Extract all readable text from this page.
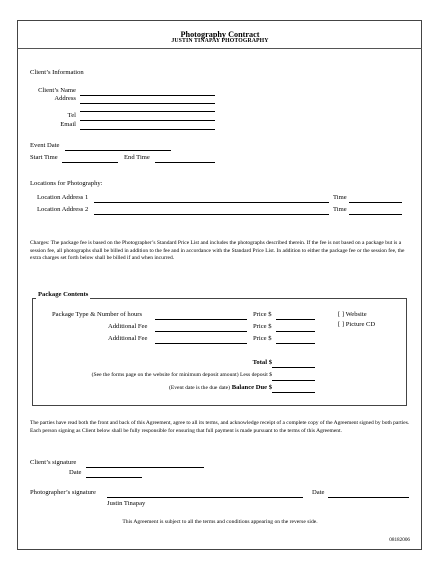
Photography Contract
JUSTIN TINAPAY PHOTOGRAPHY
Client’s Information
Client’s Name
Address
Tel
Email
Event Date
Start Time	End Time
Locations for Photography:
Location Address 1	Time
Location Address 2	Time
Charges: The package fee is based on the Photographer’s Standard Price List and includes the photographs described therein. If the fee is not based on a package but is a session fee, all photographs shall be billed in addition to the fee and in accordance with the Standard Price List. In addition to either the package fee or the session fee, the extra charges set forth below shall be billed if and when incurred.
Package Contents
Package Type & Number of hours	Price $
Additional Fee	Price $
Additional Fee	Price $
[ ] Website
[ ] Picture CD
Total $
(See the forms page on the website for minimum deposit amount) Less deposit $
(Event date is the due date) Balance Due $
The parties have read both the front and back of this Agreement, agree to all its terms, and acknowledge receipt of a complete copy of the Agreement signed by both parties. Each person signing as Client below shall be fully responsible for ensuring that full payment is made pursuant to the terms of this Agreement.
Client’s signature
Date
Photographer’s signature	Date
Justin Tinapay
This Agreement is subject to all the terms and conditions appearing on the reverse side.
08182006
